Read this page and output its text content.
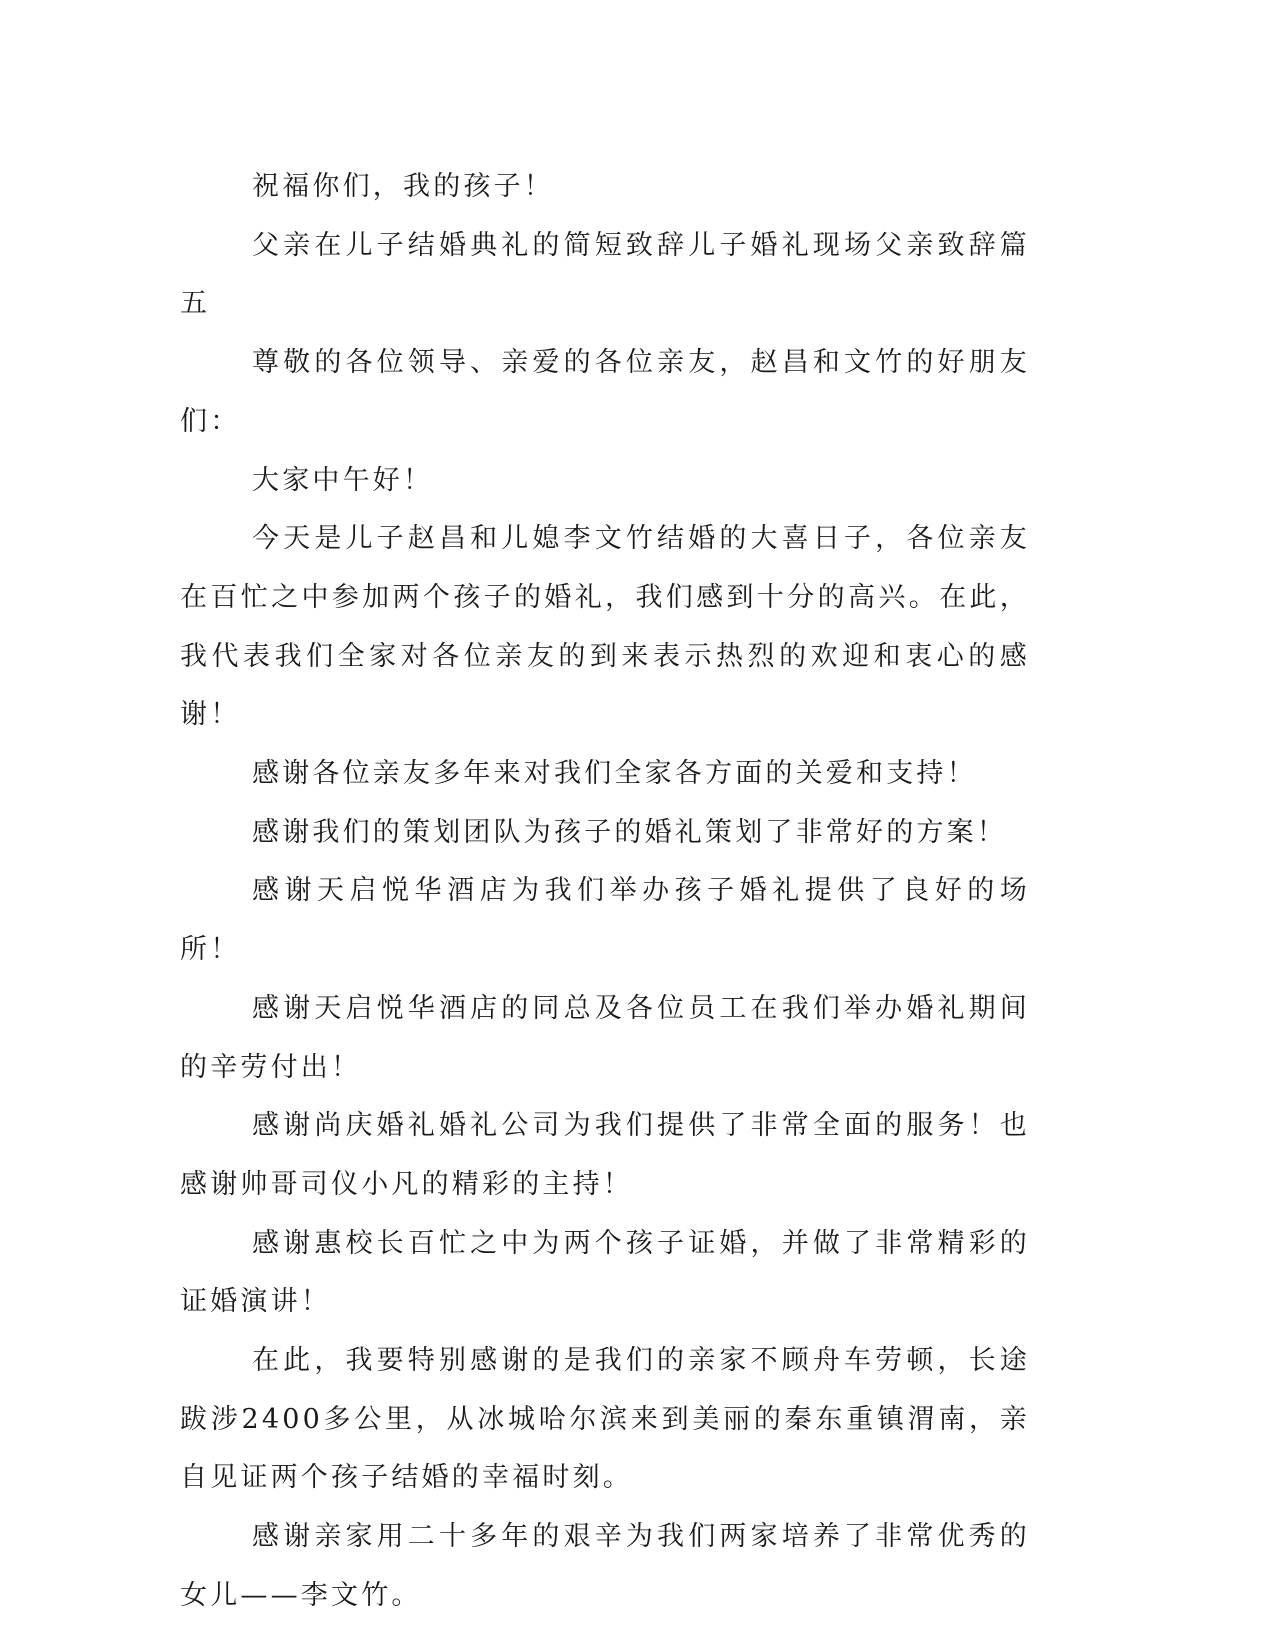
祝福你们，我的孩子！

父亲在儿子结婚典礼的简短致辞儿子婚礼现场父亲致辞篇五

尊敬的各位领导、亲爱的各位亲友，赵昌和文竹的好朋友们：

大家中午好！

今天是儿子赵昌和儿媳李文竹结婚的大喜日子，各位亲友在百忙之中参加两个孩子的婚礼，我们感到十分的高兴。在此，我代表我们全家对各位亲友的到来表示热烈的欢迎和衷心的感谢！

感谢各位亲友多年来对我们全家各方面的关爱和支持！

感谢我们的策划团队为孩子的婚礼策划了非常好的方案！

感谢天启悦华酒店为我们举办孩子婚礼提供了良好的场所！

感谢天启悦华酒店的同总及各位员工在我们举办婚礼期间的辛劳付出！

感谢尚庆婚礼婚礼公司为我们提供了非常全面的服务！也感谢帅哥司仪小凡的精彩的主持！

感谢惠校长百忙之中为两个孩子证婚，并做了非常精彩的证婚演讲！

在此，我要特别感谢的是我们的亲家不顾舟车劳顿，长途跋涉2400多公里，从冰城哈尔滨来到美丽的秦东重镇渭南，亲自见证两个孩子结婚的幸福时刻。

感谢亲家用二十多年的艰辛为我们两家培养了非常优秀的女儿——李文竹。
